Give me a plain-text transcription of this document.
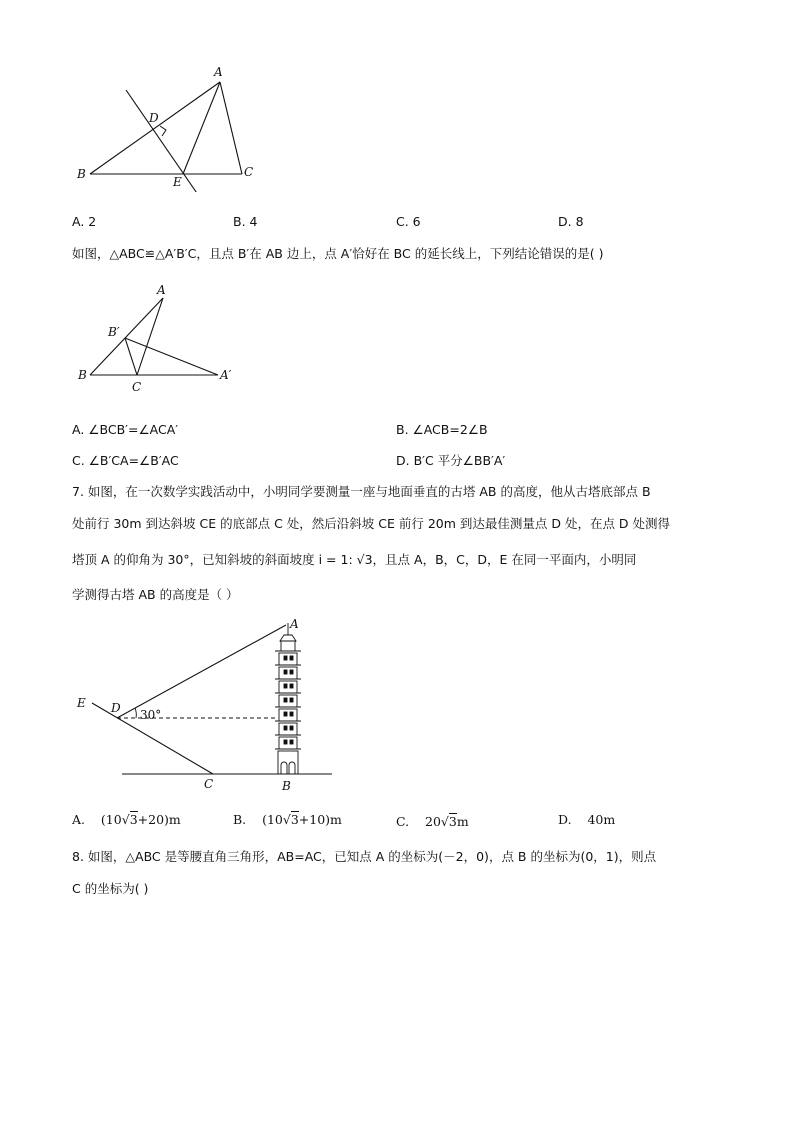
A
B	C
D
E
A. 2	B. 4	C. 6	D. 8
如图，△ABC≌△A′B′C，且点 B′在 AB 边上，点 A′恰好在 BC 的延长线上，下列结论错误的是( )
A
B′
B
C
A′
A. ∠BCB′=∠ACA′	B. ∠ACB=2∠B
C. ∠B′CA=∠B′AC	D. B′C 平分∠BB′A′
7. 如图，在一次数学实践活动中，小明同学要测量一座与地面垂直的古塔 AB 的高度，他从古塔底部点 B
处前行 30m 到达斜坡 CE 的底部点 C 处，然后沿斜坡 CE 前行 20m 到达最佳测量点 D 处，在点 D 处测得
塔顶 A 的仰角为 30°，已知斜坡的斜面坡度 i = 1: √3，且点 A，B，C，D，E 在同一平面内，小明同
学测得古塔 AB 的高度是（ ）
A
E D
C	B
30°
A. (10√3+20)m	B. (10√3+10)m	C. 20√3m	D. 40m
8. 如图，△ABC 是等腰直角三角形，AB=AC，已知点 A 的坐标为(－2，0)，点 B 的坐标为(0，1)，则点
C 的坐标为( )
